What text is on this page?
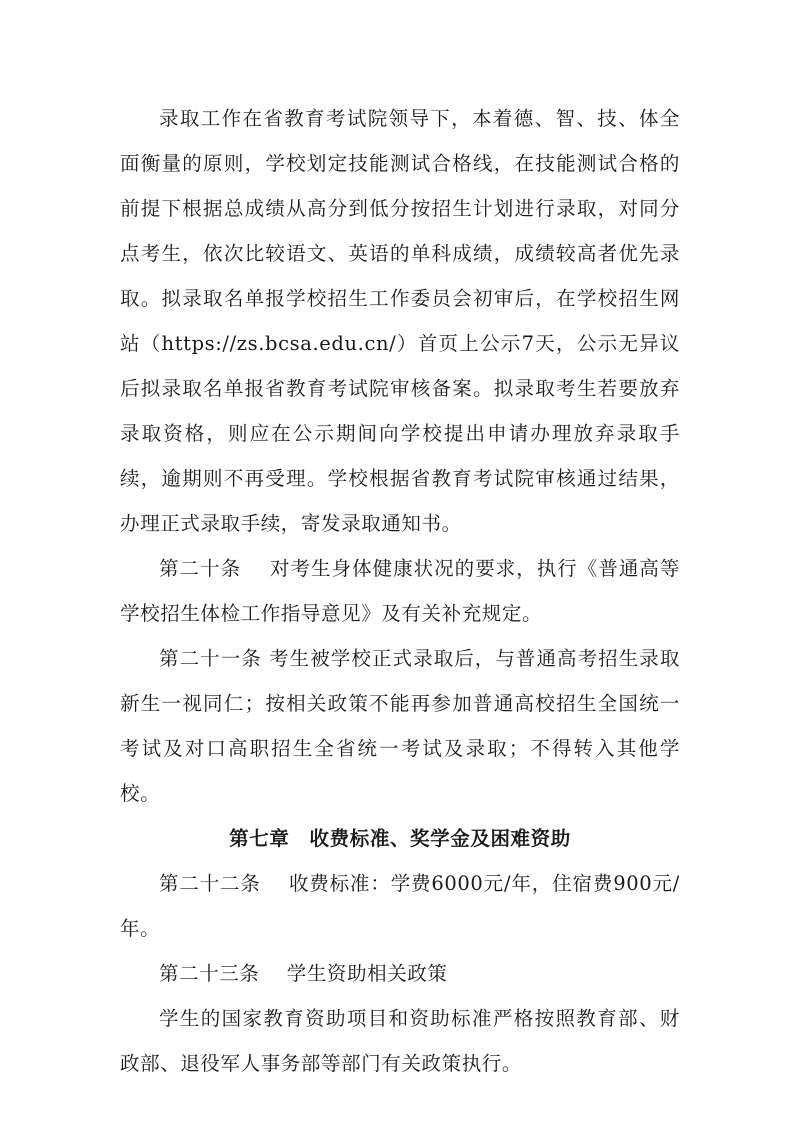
录取工作在省教育考试院领导下，本着德、智、技、体全面衡量的原则，学校划定技能测试合格线，在技能测试合格的前提下根据总成绩从高分到低分按招生计划进行录取，对同分点考生，依次比较语文、英语的单科成绩，成绩较高者优先录取。拟录取名单报学校招生工作委员会初审后，在学校招生网站（https://zs.bcsa.edu.cn/）首页上公示7天，公示无异议后拟录取名单报省教育考试院审核备案。拟录取考生若要放弃录取资格，则应在公示期间向学校提出申请办理放弃录取手续，逾期则不再受理。学校根据省教育考试院审核通过结果，办理正式录取手续，寄发录取通知书。

第二十条 对考生身体健康状况的要求，执行《普通高等学校招生体检工作指导意见》及有关补充规定。

第二十一条 考生被学校正式录取后，与普通高考招生录取新生一视同仁；按相关政策不能再参加普通高校招生全国统一考试及对口高职招生全省统一考试及录取；不得转入其他学校。

第七章　收费标准、奖学金及困难资助

第二十二条 收费标准：学费6000元/年，住宿费900元/年。

第二十三条 学生资助相关政策

学生的国家教育资助项目和资助标准严格按照教育部、财政部、退役军人事务部等部门有关政策执行。
